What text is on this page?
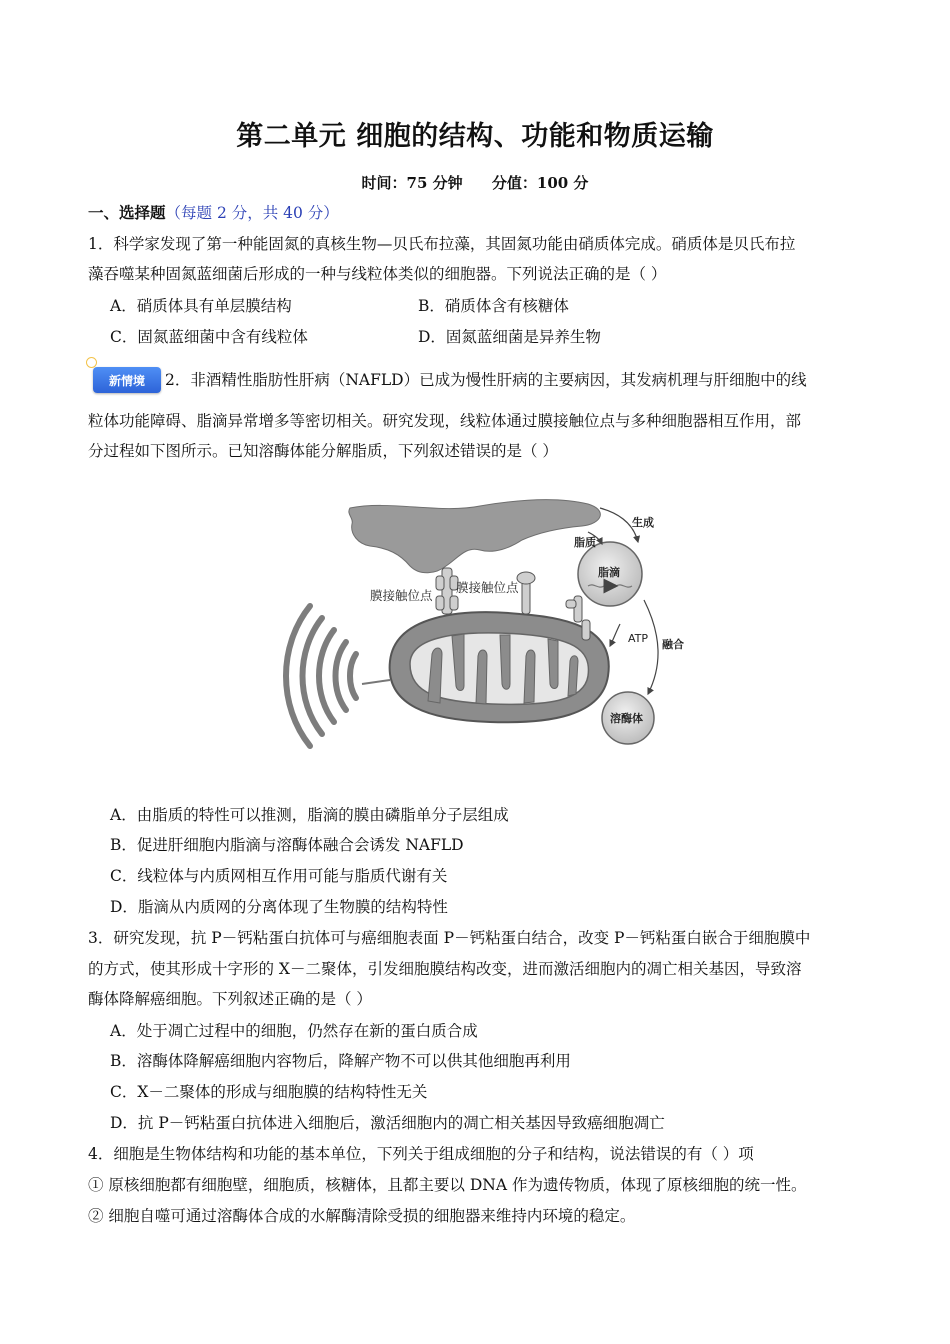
第二单元 细胞的结构、功能和物质运输
时间：75 分钟 分值：100 分
一、选择题（每题 2 分，共 40 分）
1．科学家发现了第一种能固氮的真核生物—贝氏布拉藻，其固氮功能由硝质体完成。硝质体是贝氏布拉
藻吞噬某种固氮蓝细菌后形成的一种与线粒体类似的细胞器。下列说法正确的是（ ）
A．硝质体具有单层膜结构	B．硝质体含有核糖体
C．固氮蓝细菌中含有线粒体	D．固氮蓝细菌是异养生物
新情境	2．非酒精性脂肪性肝病（NAFLD）已成为慢性肝病的主要病因，其发病机理与肝细胞中的线
粒体功能障碍、脂滴异常增多等密切相关。研究发现，线粒体通过膜接触位点与多种细胞器相互作用，部
分过程如下图所示。已知溶酶体能分解脂质，下列叙述错误的是（ ）
膜接触位点
膜接触位点
生成
脂质
脂滴
ATP 融合
溶酶体
A．由脂质的特性可以推测，脂滴的膜由磷脂单分子层组成
B．促进肝细胞内脂滴与溶酶体融合会诱发 NAFLD
C．线粒体与内质网相互作用可能与脂质代谢有关
D．脂滴从内质网的分离体现了生物膜的结构特性
3．研究发现，抗 P－钙粘蛋白抗体可与癌细胞表面 P－钙粘蛋白结合，改变 P－钙粘蛋白嵌合于细胞膜中
的方式，使其形成十字形的 X－二聚体，引发细胞膜结构改变，进而激活细胞内的凋亡相关基因，导致溶
酶体降解癌细胞。下列叙述正确的是（ ）
A．处于凋亡过程中的细胞，仍然存在新的蛋白质合成
B．溶酶体降解癌细胞内容物后，降解产物不可以供其他细胞再利用
C．X－二聚体的形成与细胞膜的结构特性无关
D．抗 P－钙粘蛋白抗体进入细胞后，激活细胞内的凋亡相关基因导致癌细胞凋亡
4．细胞是生物体结构和功能的基本单位，下列关于组成细胞的分子和结构，说法错误的有（ ）项
① 原核细胞都有细胞壁，细胞质，核糖体，且都主要以 DNA 作为遗传物质，体现了原核细胞的统一性。
② 细胞自噬可通过溶酶体合成的水解酶清除受损的细胞器来维持内环境的稳定。
